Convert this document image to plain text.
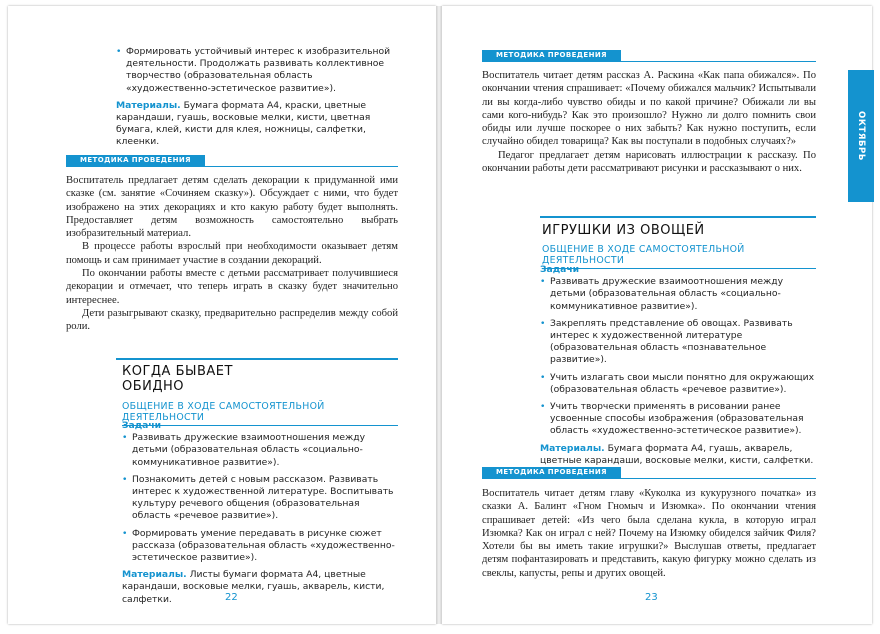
• Формировать устойчивый интерес к изобразительной деятельности. Продолжать развивать коллективное творчество (образовательная область «художественно-эстетическое развитие»).
Материалы. Бумага формата А4, краски, цветные карандаши, гуашь, восковые мелки, кисти, цветная бумага, клей, кисти для клея, ножницы, салфетки, клеенки.
МЕТОДИКА ПРОВЕДЕНИЯ

Воспитатель предлагает детям сделать декорации к придуманной ими сказке (см. занятие «Сочиняем сказку»). Обсуждает с ними, что будет изображено на этих декорациях и кто какую работу будет выполнять. Предоставляет детям возможность самостоятельно выбрать изобразительный материал.

В процессе работы взрослый при необходимости оказывает детям помощь и сам принимает участие в создании декораций.

По окончании работы вместе с детьми рассматривает получившиеся декорации и отмечает, что теперь играть в сказку будет значительно интереснее.

Дети разыгрывают сказку, предварительно распределив между собой роли.

КОГДА БЫВАЕТ
ОБИДНО
ОБЩЕНИЕ В ХОДЕ САМОСТОЯТЕЛЬНОЙ ДЕЯТЕЛЬНОСТИ
Задачи
• Развивать дружеские взаимоотношения между детьми (образовательная область «социально-коммуникативное развитие»).
• Познакомить детей с новым рассказом. Развивать интерес к художественной литературе. Воспитывать культуру речевого общения (образовательная область «речевое развитие»).
• Формировать умение передавать в рисунке сюжет рассказа (образовательная область «художественно-эстетическое развитие»).
Материалы. Листы бумаги формата А4, цветные карандаши, восковые мелки, гуашь, акварель, кисти, салфетки.	22
МЕТОДИКА ПРОВЕДЕНИЯ

Воспитатель читает детям рассказ А. Раскина «Как папа обижался». По окончании чтения спрашивает: «Почему обижался мальчик? Испытывали ли вы когда-либо чувство обиды и по какой причине? Обижали ли вы сами кого-нибудь? Как это произошло? Нужно ли долго помнить свои обиды или лучше поскорее о них забыть? Как нужно поступить, если случайно обидел товарища? Как вы поступали в подобных случаях?»

Педагог предлагает детям нарисовать иллюстрации к рассказу. По окончании работы дети рассматривают рисунки и рассказывают о них.

ИГРУШКИ ИЗ ОВОЩЕЙ
ОБЩЕНИЕ В ХОДЕ САМОСТОЯТЕЛЬНОЙ ДЕЯТЕЛЬНОСТИ
Задачи
• Развивать дружеские взаимоотношения между детьми (образовательная область «социально-коммуникативное развитие»).
• Закреплять представление об овощах. Развивать интерес к художественной литературе (образовательная область «познавательное развитие»).
• Учить излагать свои мысли понятно для окружающих (образовательная область «речевое развитие»).
• Учить творчески применять в рисовании ранее усвоенные способы изображения (образовательная область «художественно-эстетическое развитие»).
Материалы. Бумага формата А4, гуашь, акварель, цветные карандаши, восковые мелки, кисти, салфетки.
МЕТОДИКА ПРОВЕДЕНИЯ

Воспитатель читает детям главу «Куколка из кукурузного початка» из сказки А. Балинт «Гном Гномыч и Изюмка». По окончании чтения спрашивает детей: «Из чего была сделана кукла, в которую играл Изюмка? Как он играл с ней? Почему на Изюмку обиделся зайчик Филя? Хотели бы вы иметь такие игрушки?» Выслушав ответы, предлагает детям пофантазировать и представить, какую фигурку можно сделать из свеклы, капусты, репы и других овощей.

23
ОКТЯБРЬ
